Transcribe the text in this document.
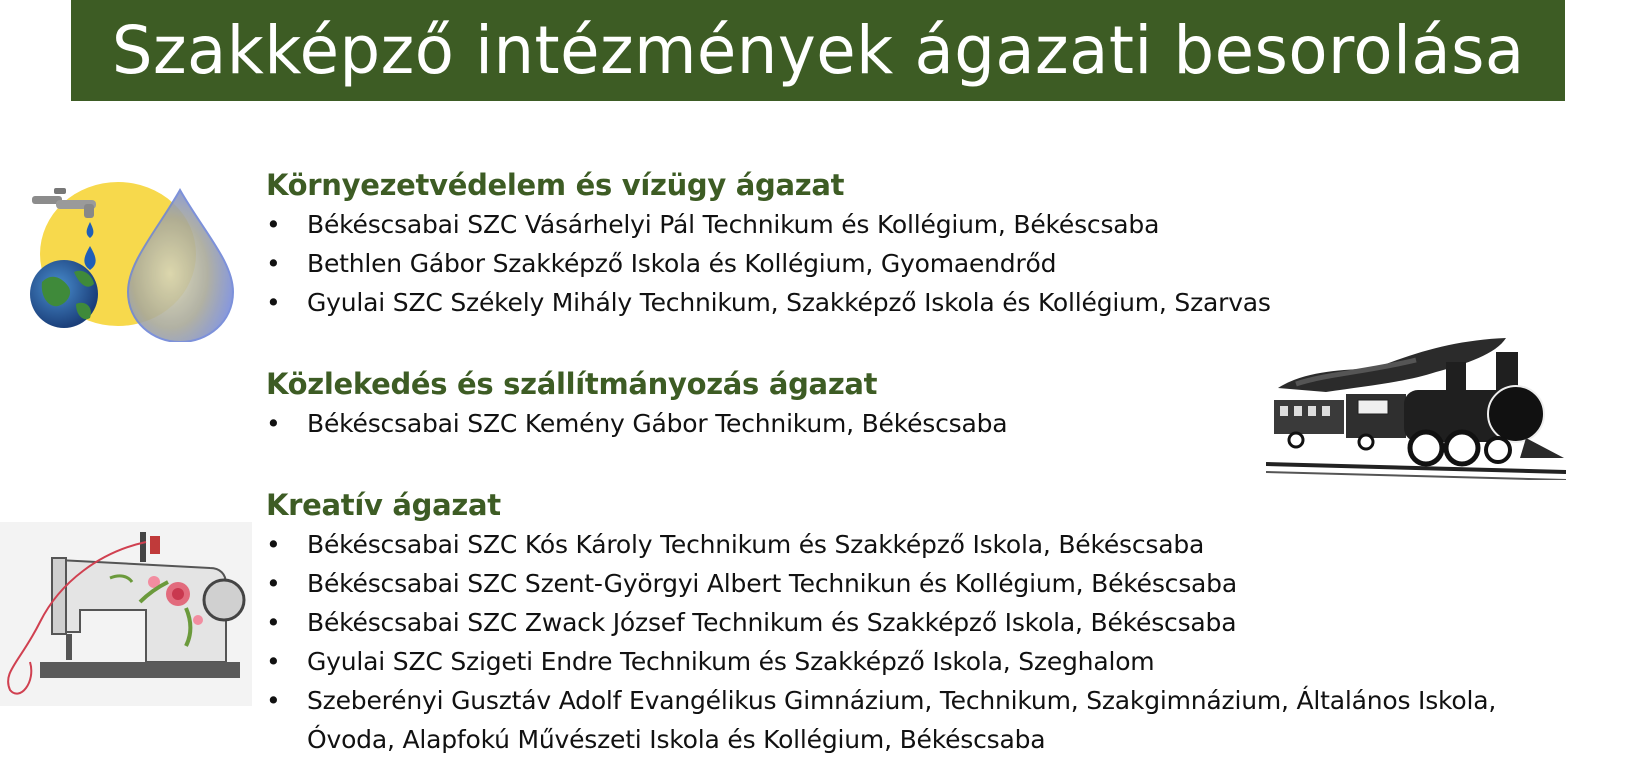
Szakképző intézmények ágazati besorolása
Környezetvédelem és vízügy ágazat
• Békéscsabai SZC Vásárhelyi Pál Technikum és Kollégium, Békéscsaba
• Bethlen Gábor Szakképző Iskola és Kollégium, Gyomaendrőd
• Gyulai SZC Székely Mihály Technikum, Szakképző Iskola és Kollégium, Szarvas
Közlekedés és szállítmányozás ágazat
• Békéscsabai SZC Kemény Gábor Technikum, Békéscsaba
Kreatív ágazat
• Békéscsabai SZC Kós Károly Technikum és Szakképző Iskola, Békéscsaba
• Békéscsabai SZC Szent-Györgyi Albert Technikun és Kollégium, Békéscsaba
• Békéscsabai SZC Zwack József Technikum és Szakképző Iskola, Békéscsaba
• Gyulai SZC Szigeti Endre Technikum és Szakképző Iskola, Szeghalom
• Szeberényi Gusztáv Adolf Evangélikus Gimnázium, Technikum, Szakgimnázium, Általános Iskola, Óvoda, Alapfokú Művészeti Iskola és Kollégium, Békéscsaba
